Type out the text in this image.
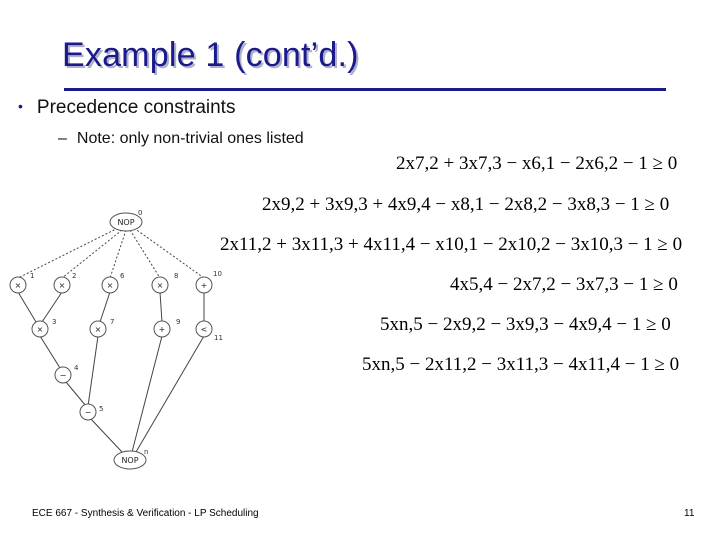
Example 1 (cont’d.)
• Precedence constraints
– Note: only non-trivial ones listed
2x7,2 + 3x7,3 − x6,1 − 2x6,2 − 1 ≥ 0
2x9,2 + 3x9,3 + 4x9,4 − x8,1 − 2x8,2 − 3x8,3 − 1 ≥ 0
2x11,2 + 3x11,3 + 4x11,4 − x10,1 − 2x10,2 − 3x10,3 − 1 ≥ 0
4x5,4 − 2x7,2 − 3x7,3 − 1 ≥ 0
5xn,5 − 2x9,2 − 3x9,3 − 4x9,4 − 1 ≥ 0
5xn,5 − 2x11,2 − 3x11,3 − 4x11,4 − 1 ≥ 0
NOP
0
×
1
×
2
×
6
×
8
+
10
×
3
×
7
+
9
<
11
−
4
− 5
NOP
n
ECE 667 - Synthesis & Verification - LP Scheduling	11
